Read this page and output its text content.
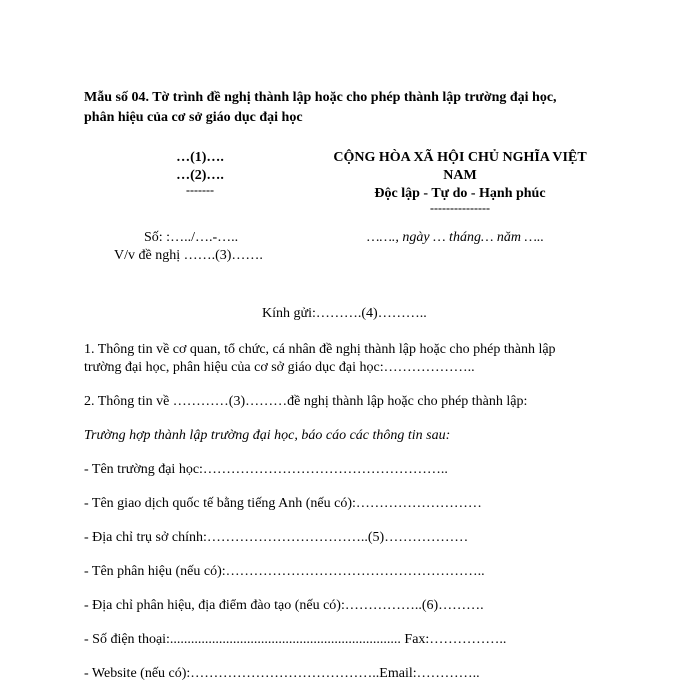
Mẫu số 04. Tờ trình đề nghị thành lập hoặc cho phép thành lập trường đại học,
phân hiệu của cơ sở giáo dục đại học
…(1)….
…(2)….
-------
CỘNG HÒA XÃ HỘI CHỦ NGHĨA VIỆT
NAM
Độc lập - Tự do - Hạnh phúc
---------------
Số: :…../….-…..
V/v đề nghị …….(3)…….
……., ngày … tháng… năm …..
Kính gửi:……….(4)………..
1. Thông tin về cơ quan, tổ chức, cá nhân đề nghị thành lập hoặc cho phép thành lập
trường đại học, phân hiệu của cơ sở giáo dục đại học:………………..
2. Thông tin về …………(3)………đề nghị thành lập hoặc cho phép thành lập:
Trường hợp thành lập trường đại học, báo cáo các thông tin sau:
- Tên trường đại học:……………………………………………..
- Tên giao dịch quốc tế bằng tiếng Anh (nếu có):………………………
- Địa chỉ trụ sở chính:……………………………..(5)………………
- Tên phân hiệu (nếu có):………………………………………………..
- Địa chỉ phân hiệu, địa điểm đào tạo (nếu có):……………..(6)……….
- Số điện thoại:.................................................................. Fax:……………..
- Website (nếu có):…………………………………..Email:…………..
